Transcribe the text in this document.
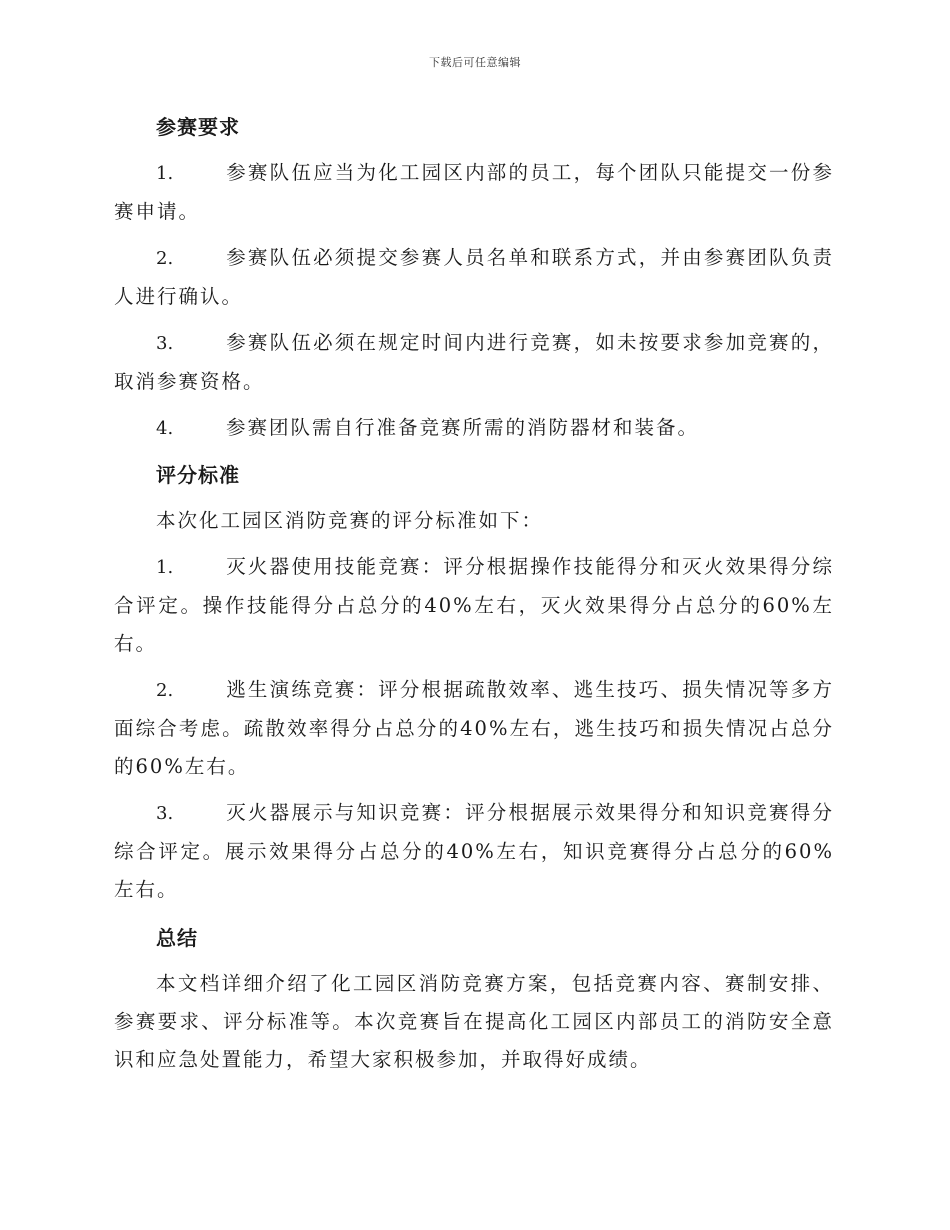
下载后可任意编辑
参赛要求

1.	参赛队伍应当为化工园区内部的员工，每个团队只能提交一份参赛申请。

2.	参赛队伍必须提交参赛人员名单和联系方式，并由参赛团队负责人进行确认。

3.	参赛队伍必须在规定时间内进行竞赛，如未按要求参加竞赛的，取消参赛资格。

4.	参赛团队需自行准备竞赛所需的消防器材和装备。

评分标准

本次化工园区消防竞赛的评分标准如下：

1.	灭火器使用技能竞赛：评分根据操作技能得分和灭火效果得分综合评定。操作技能得分占总分的40%左右，灭火效果得分占总分的60%左右。

2.	逃生演练竞赛：评分根据疏散效率、逃生技巧、损失情况等多方面综合考虑。疏散效率得分占总分的40%左右，逃生技巧和损失情况占总分的60%左右。

3.	灭火器展示与知识竞赛：评分根据展示效果得分和知识竞赛得分综合评定。展示效果得分占总分的40%左右，知识竞赛得分占总分的60%左右。

总结

本文档详细介绍了化工园区消防竞赛方案，包括竞赛内容、赛制安排、参赛要求、评分标准等。本次竞赛旨在提高化工园区内部员工的消防安全意识和应急处置能力，希望大家积极参加，并取得好成绩。
